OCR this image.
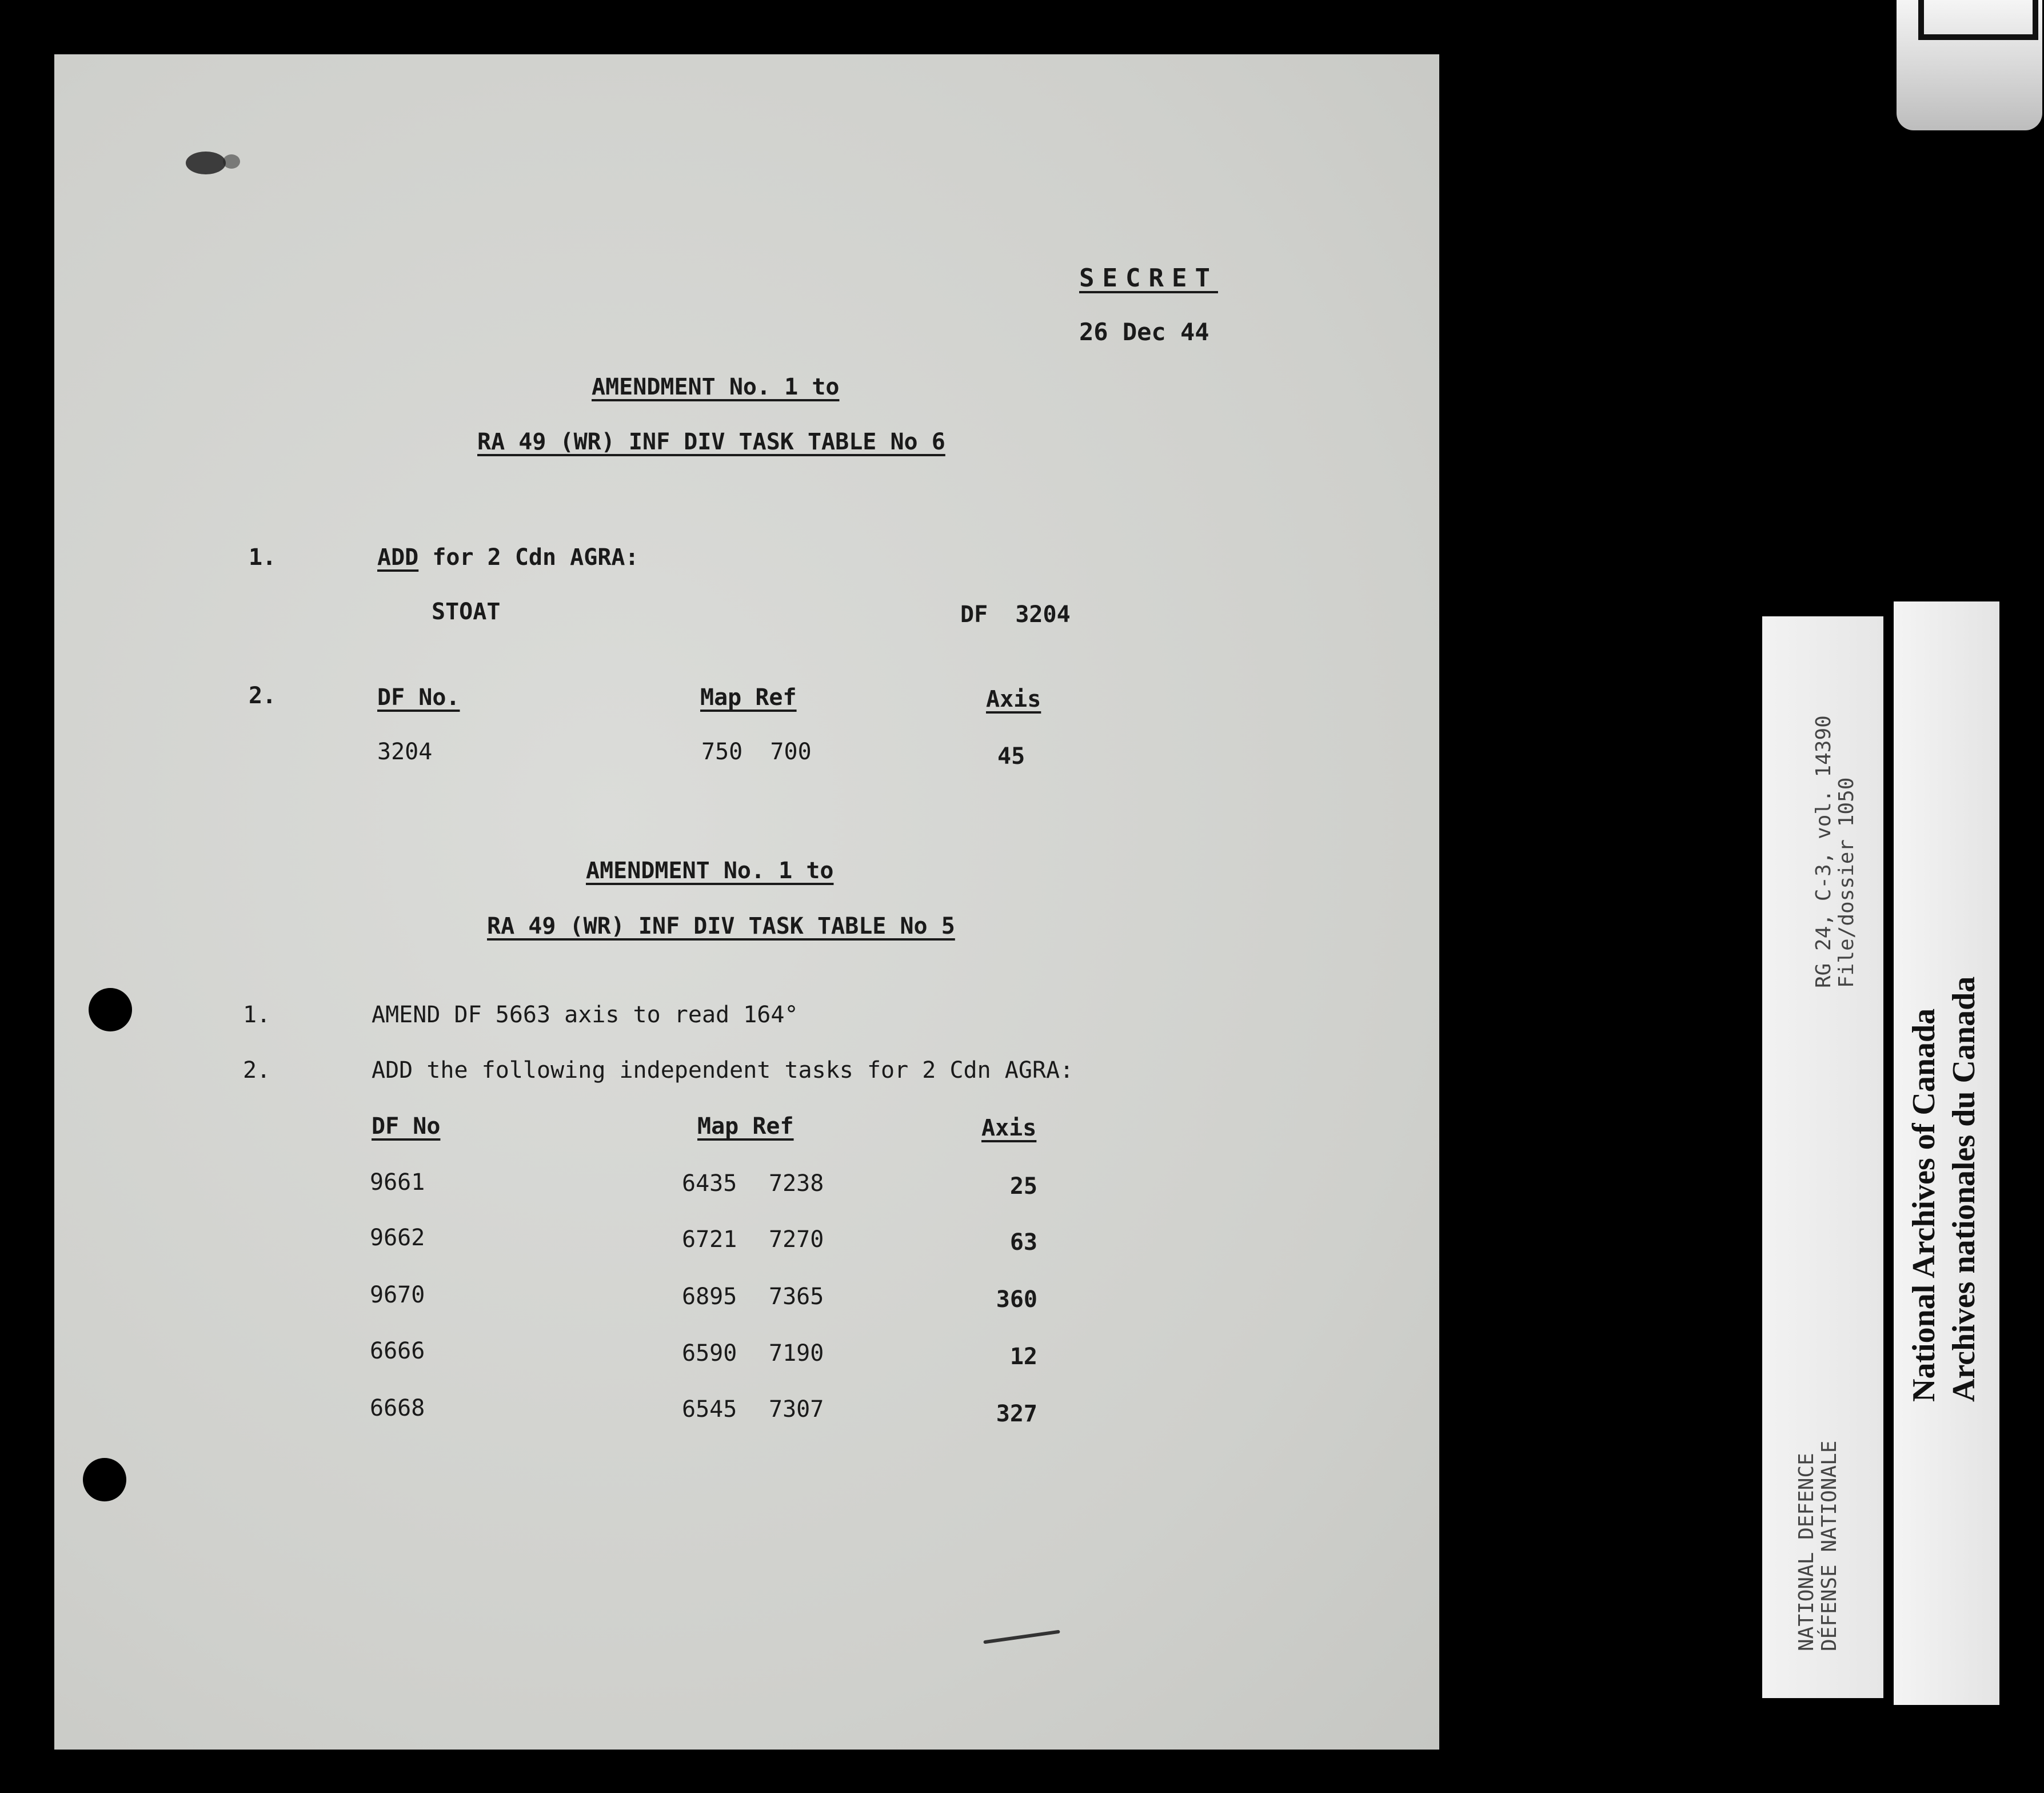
SECRET
26 Dec 44
AMENDMENT No. 1 to
RA 49 (WR) INF DIV TASK TABLE No 6
1.	ADD for 2 Cdn AGRA:
STOAT	DF  3204
2.	DF No.	Map Ref	Axis
3204	750  700	45
AMENDMENT No. 1 to
RA 49 (WR) INF DIV TASK TABLE No 5
1.	AMEND DF 5663 axis to read 164°
2.	ADD the following independent tasks for 2 Cdn AGRA:
DF No	Map Ref	Axis
9661	6435 7238	25
9662	6721 7270	63
9670	6895 7365	360
6666	6590 7190	12
6668	6545 7307	327
RG 24, C-3, vol. 14390 File/dossier 1050
NATIONAL DEFENCE DÉFENSE NATIONALE
National Archives of Canada Archives nationales du Canada
